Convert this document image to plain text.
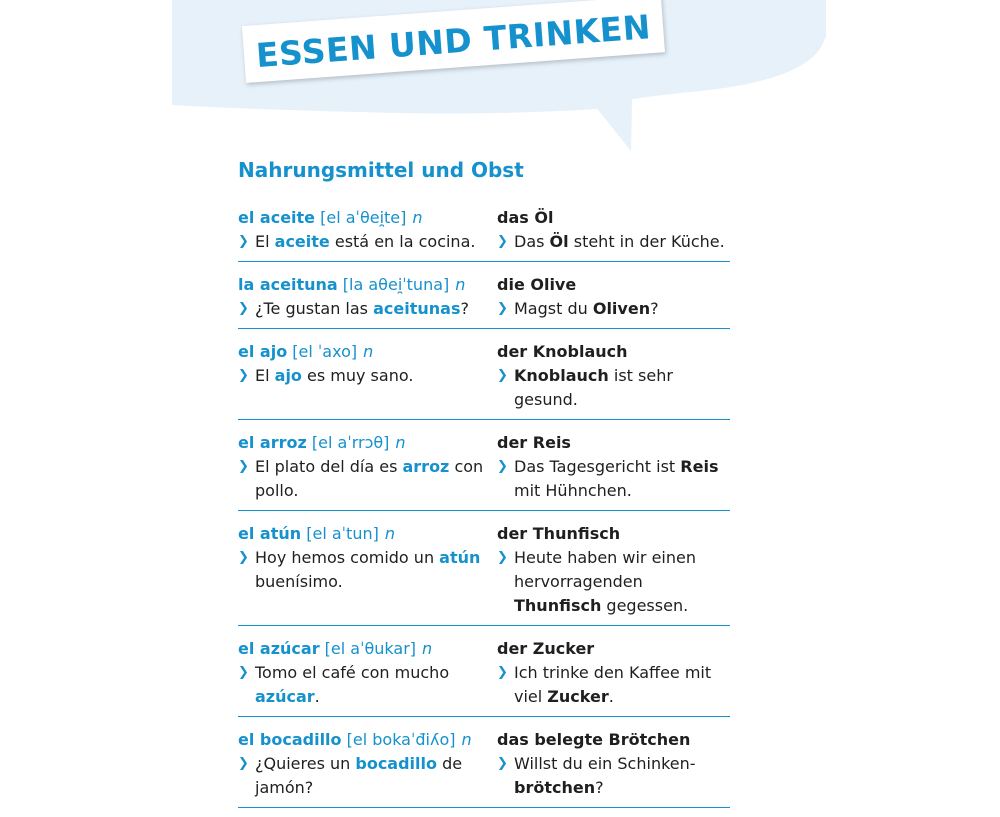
ESSEN UND TRINKEN
Nahrungsmittel und Obst
el aceite [el aˈθei̯te] n
❯ El aceite está en la cocina.
das Öl
❯ Das Öl steht in der Küche.
la aceituna [la aθei̯ˈtuna] n
❯ ¿Te gustan las aceitunas?
die Olive
❯ Magst du Oliven?
el ajo [el ˈaxo] n
❯ El ajo es muy sano.
der Knoblauch
❯ Knoblauch ist sehr gesund.
el arroz [el aˈrrɔθ] n
❯ El plato del día es arroz con pollo.
der Reis
❯ Das Tagesgericht ist Reis mit Hühnchen.
el atún [el aˈtun] n
❯ Hoy hemos comido un atún buenísimo.
der Thunfisch
❯ Heute haben wir einen hervorragenden Thunfisch gegessen.
el azúcar [el aˈθukar] n
❯ Tomo el café con mucho azúcar.
der Zucker
❯ Ich trinke den Kaffee mit viel Zucker.
el bocadillo [el bokaˈđiʎo] n
❯ ¿Quieres un bocadillo de jamón?
das belegte Brötchen
❯ Willst du ein Schinken-brötchen?
